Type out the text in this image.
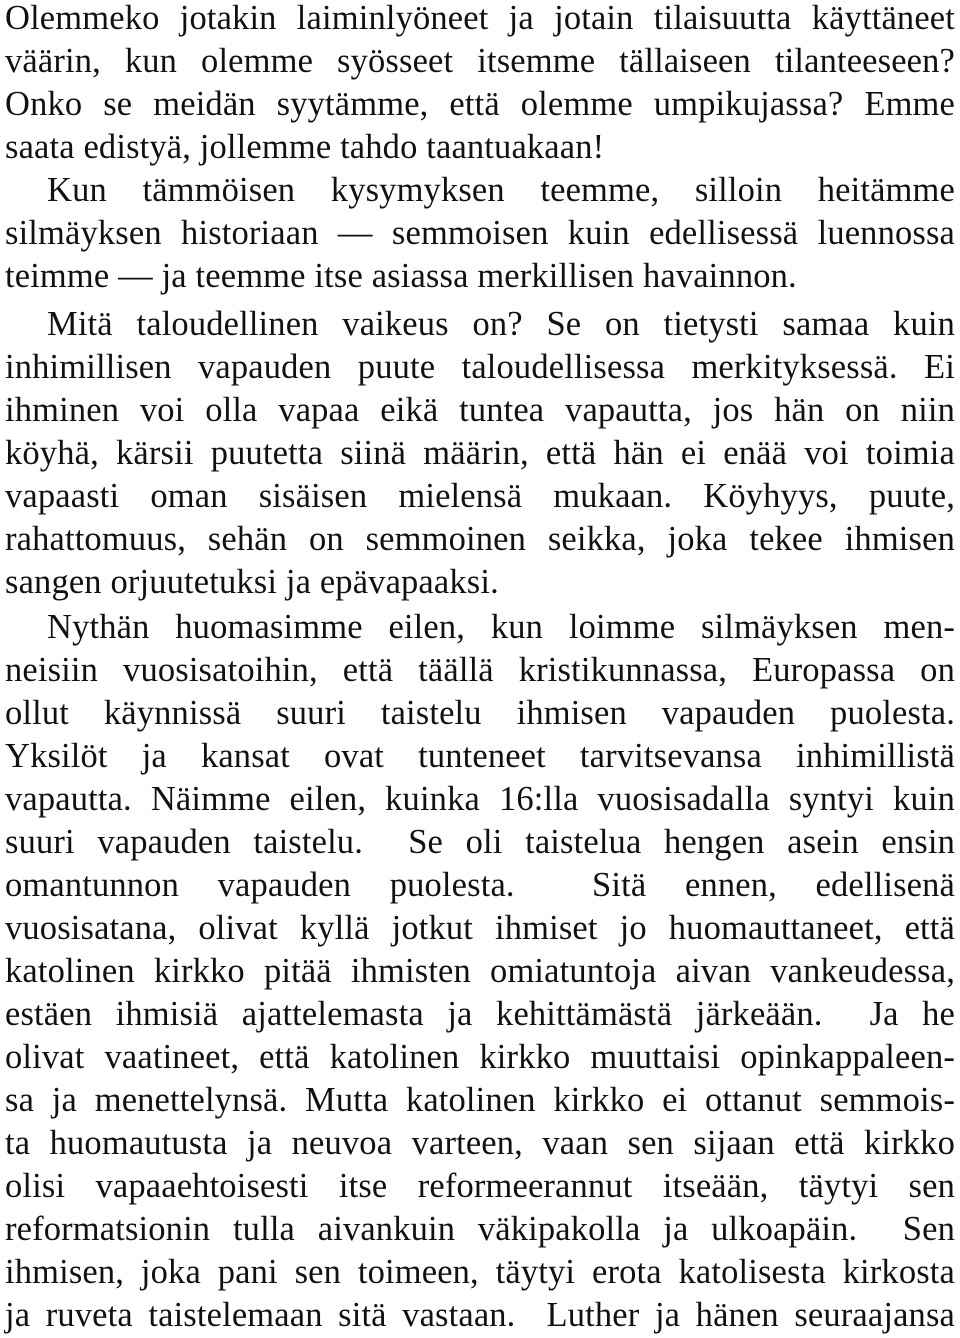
Olemmeko jotakin laiminlyöneet ja jotain tilaisuutta käyttäneet
väärin, kun olemme syösseet itsemme tällaiseen tilanteeseen?
Onko se meidän syytämme, että olemme umpikujassa? Emme
saata edistyä, jollemme tahdo taantuakaan!
Kun tämmöisen kysymyksen teemme, silloin heitämme
silmäyksen historiaan — semmoisen kuin edellisessä luennossa
teimme — ja teemme itse asiassa merkillisen havainnon.
Mitä taloudellinen vaikeus on? Se on tietysti samaa kuin
inhimillisen vapauden puute taloudellisessa merkityksessä. Ei
ihminen voi olla vapaa eikä tuntea vapautta, jos hän on niin
köyhä, kärsii puutetta siinä määrin, että hän ei enää voi toimia
vapaasti oman sisäisen mielensä mukaan. Köyhyys, puute,
rahattomuus, sehän on semmoinen seikka, joka tekee ihmisen
sangen orjuutetuksi ja epävapaaksi.
Nythän huomasimme eilen, kun loimme silmäyksen men-
neisiin vuosisatoihin, että täällä kristikunnassa, Europassa on
ollut käynnissä suuri taistelu ihmisen vapauden puolesta.
Yksilöt ja kansat ovat tunteneet tarvitsevansa inhimillistä
vapautta. Näimme eilen, kuinka 16:lla vuosisadalla syntyi kuin
suuri vapauden taistelu.  Se oli taistelua hengen asein ensin
omantunnon vapauden puolesta.  Sitä ennen, edellisenä
vuosisatana, olivat kyllä jotkut ihmiset jo huomauttaneet, että
katolinen kirkko pitää ihmisten omiatuntoja aivan vankeudessa,
estäen ihmisiä ajattelemasta ja kehittämästä järkeään.  Ja he
olivat vaatineet, että katolinen kirkko muuttaisi opinkappaleen-
sa ja menettelynsä. Mutta katolinen kirkko ei ottanut semmois-
ta huomautusta ja neuvoa varteen, vaan sen sijaan että kirkko
olisi vapaaehtoisesti itse reformeerannut itseään, täytyi sen
reformatsionin tulla aivankuin väkipakolla ja ulkoapäin.  Sen
ihmisen, joka pani sen toimeen, täytyi erota katolisesta kirkosta
ja ruveta taistelemaan sitä vastaan.  Luther ja hänen seuraajansa
